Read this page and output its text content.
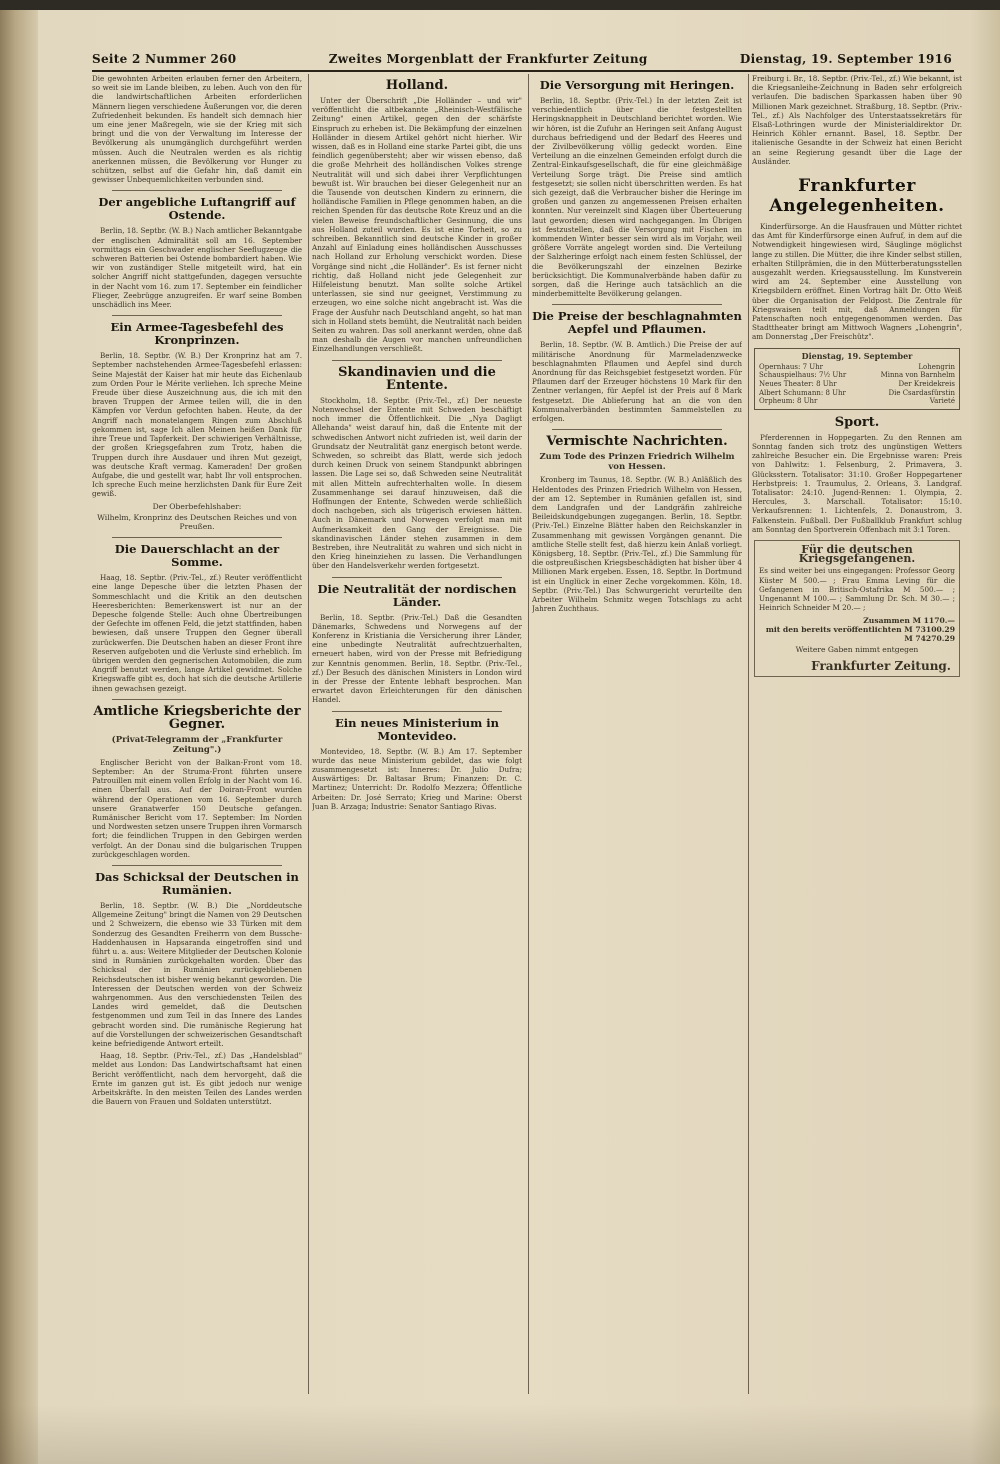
Seite 2 Nummer 260	Zweites Morgenblatt der Frankfurter Zeitung	Dienstag, 19. September 1916

Die gewohnten Arbeiten erlauben ferner den Arbeitern, so weit sie im Lande bleiben, zu leben. Auch von den für die landwirtschaftlichen Arbeiten erforderlichen Männern liegen verschiedene Äußerungen vor, die deren Zufriedenheit bekunden. Es handelt sich demnach hier um eine jener Maßregeln, wie sie der Krieg mit sich bringt und die von der Verwaltung im Interesse der Bevölkerung als unumgänglich durchgeführt werden müssen. Auch die Neutralen werden es als richtig anerkennen müssen, die Bevölkerung vor Hunger zu schützen, selbst auf die Gefahr hin, daß damit ein gewisser Unbequemlichkeiten verbunden sind.

Der angebliche Luftangriff auf Ostende.

Berlin, 18. Septbr. (W. B.) Nach amtlicher Bekanntgabe der englischen Admiralität soll am 16. September vormittags ein Geschwader englischer Seeflugzeuge die schweren Batterien bei Ostende bombardiert haben. Wie wir von zuständiger Stelle mitgeteilt wird, hat ein solcher Angriff nicht stattgefunden, dagegen versuchte in der Nacht vom 16. zum 17. September ein feindlicher Flieger, Zeebrügge anzugreifen. Er warf seine Bomben unschädlich ins Meer.

Ein Armee-Tagesbefehl des Kronprinzen.

Berlin, 18. Septbr. (W. B.) Der Kronprinz hat am 7. September nachstehenden Armee-Tagesbefehl erlassen: Seine Majestät der Kaiser hat mir heute das Eichenlaub zum Orden Pour le Mérite verliehen. Ich spreche Meine Freude über diese Auszeichnung aus, die ich mit den braven Truppen der Armee teilen will, die in den Kämpfen vor Verdun gefochten haben. Heute, da der Angriff nach monatelangem Ringen zum Abschluß gekommen ist, sage Ich allen Meinen heißen Dank für ihre Treue und Tapferkeit. Der schwierigen Verhältnisse, der großen Kriegsgefahren zum Trotz, haben die Truppen durch ihre Ausdauer und ihren Mut gezeigt, was deutsche Kraft vermag. Kameraden! Der großen Aufgabe, die und gestellt war, habt Ihr voll entsprochen. Ich spreche Euch meine herzlichsten Dank für Eure Zeit gewiß.

Der Oberbefehlshaber:
Wilhelm, Kronprinz des Deutschen Reiches und von Preußen.
Die Dauerschlacht an der Somme.

Haag, 18. Septbr. (Priv.-Tel., zf.) Reuter veröffentlicht eine lange Depesche über die letzten Phasen der Sommeschlacht und die Kritik an den deutschen Heeresberichten: Bemerkenswert ist nur an der Depesche folgende Stelle: Auch ohne Übertreibungen der Gefechte im offenen Feld, die jetzt stattfinden, haben bewiesen, daß unsere Truppen den Gegner überall zurückwerfen. Die Deutschen haben an dieser Front ihre Reserven aufgeboten und die Verluste sind erheblich. Im übrigen werden den gegnerischen Automobilen, die zum Angriff benutzt werden, lange Artikel gewidmet. Solche Kriegswaffe gibt es, doch hat sich die deutsche Artillerie ihnen gewachsen gezeigt.

Amtliche Kriegsberichte der Gegner.
(Privat-Telegramm der „Frankfurter Zeitung".)

Englischer Bericht von der Balkan-Front vom 18. September: An der Struma-Front führten unsere Patrouillen mit einem vollen Erfolg in der Nacht vom 16. einen Überfall aus. Auf der Doiran-Front wurden während der Operationen vom 16. September durch unsere Granatwerfer 150 Deutsche gefangen. Rumänischer Bericht vom 17. September: Im Norden und Nordwesten setzen unsere Truppen ihren Vormarsch fort; die feindlichen Truppen in den Gebirgen werden verfolgt. An der Donau sind die bulgarischen Truppen zurückgeschlagen worden.

Das Schicksal der Deutschen in Rumänien.

Berlin, 18. Septbr. (W. B.) Die „Norddeutsche Allgemeine Zeitung" bringt die Namen von 29 Deutschen und 2 Schweizern, die ebenso wie 33 Türken mit dem Sonderzug des Gesandten Freiherrn von dem Bussche-Haddenhausen in Hapsaranda eingetroffen sind und führt u. a. aus: Weitere Mitglieder der Deutschen Kolonie sind in Rumänien zurückgehalten worden. Über das Schicksal der in Rumänien zurückgebliebenen Reichsdeutschen ist bisher wenig bekannt geworden. Die Interessen der Deutschen werden von der Schweiz wahrgenommen. Aus den verschiedensten Teilen des Landes wird gemeldet, daß die Deutschen festgenommen und zum Teil in das Innere des Landes gebracht worden sind. Die rumänische Regierung hat auf die Vorstellungen der schweizerischen Gesandtschaft keine befriedigende Antwort erteilt.

Haag, 18. Septbr. (Priv.-Tel., zf.) Das „Handelsblad" meldet aus London: Das Landwirtschaftsamt hat einen Bericht veröffentlicht, nach dem hervorgeht, daß die Ernte im ganzen gut ist. Es gibt jedoch nur wenige Arbeitskräfte. In den meisten Teilen des Landes werden die Bauern von Frauen und Soldaten unterstützt.

Holland.

Unter der Überschrift „Die Holländer – und wir" veröffentlicht die altbekannte „Rheinisch-Westfälische Zeitung" einen Artikel, gegen den der schärfste Einspruch zu erheben ist. Die Bekämpfung der einzelnen Holländer in diesem Artikel gehört nicht hierher. Wir wissen, daß es in Holland eine starke Partei gibt, die uns feindlich gegenübersteht; aber wir wissen ebenso, daß die große Mehrheit des holländischen Volkes strenge Neutralität will und sich dabei ihrer Verpflichtungen bewußt ist. Wir brauchen bei dieser Gelegenheit nur an die Tausende von deutschen Kindern zu erinnern, die holländische Familien in Pflege genommen haben, an die reichen Spenden für das deutsche Rote Kreuz und an die vielen Beweise freundschaftlicher Gesinnung, die uns aus Holland zuteil wurden. Es ist eine Torheit, so zu schreiben. Bekanntlich sind deutsche Kinder in großer Anzahl auf Einladung eines holländischen Ausschusses nach Holland zur Erholung verschickt worden. Diese Vorgänge sind nicht „die Holländer". Es ist ferner nicht richtig, daß Holland nicht jede Gelegenheit zur Hilfeleistung benutzt. Man sollte solche Artikel unterlassen, sie sind nur geeignet, Verstimmung zu erzeugen, wo eine solche nicht angebracht ist. Was die Frage der Ausfuhr nach Deutschland angeht, so hat man sich in Holland stets bemüht, die Neutralität nach beiden Seiten zu wahren. Das soll anerkannt werden, ohne daß man deshalb die Augen vor manchen unfreundlichen Einzelhandlungen verschließt.

Skandinavien und die Entente.

Stockholm, 18. Septbr. (Priv.-Tel., zf.) Der neueste Notenwechsel der Entente mit Schweden beschäftigt noch immer die Öffentlichkeit. Die „Nya Dagligt Allehanda" weist darauf hin, daß die Entente mit der schwedischen Antwort nicht zufrieden ist, weil darin der Grundsatz der Neutralität ganz energisch betont werde. Schweden, so schreibt das Blatt, werde sich jedoch durch keinen Druck von seinem Standpunkt abbringen lassen. Die Lage sei so, daß Schweden seine Neutralität mit allen Mitteln aufrechterhalten wolle. In diesem Zusammenhange sei darauf hinzuweisen, daß die Hoffnungen der Entente, Schweden werde schließlich doch nachgeben, sich als trügerisch erwiesen hätten. Auch in Dänemark und Norwegen verfolgt man mit Aufmerksamkeit den Gang der Ereignisse. Die skandinavischen Länder stehen zusammen in dem Bestreben, ihre Neutralität zu wahren und sich nicht in den Krieg hineinziehen zu lassen. Die Verhandlungen über den Handelsverkehr werden fortgesetzt.

Die Neutralität der nordischen Länder.

Berlin, 18. Septbr. (Priv.-Tel.) Daß die Gesandten Dänemarks, Schwedens und Norwegens auf der Konferenz in Kristiania die Versicherung ihrer Länder, eine unbedingte Neutralität aufrechtzuerhalten, erneuert haben, wird von der Presse mit Befriedigung zur Kenntnis genommen. Berlin, 18. Septbr. (Priv.-Tel., zf.) Der Besuch des dänischen Ministers in London wird in der Presse der Entente lebhaft besprochen. Man erwartet davon Erleichterungen für den dänischen Handel.

Ein neues Ministerium in Montevideo.

Montevideo, 18. Septbr. (W. B.) Am 17. September wurde das neue Ministerium gebildet, das wie folgt zusammengesetzt ist: Inneres: Dr. Julio Dufra; Auswärtiges: Dr. Baltasar Brum; Finanzen: Dr. C. Martinez; Unterricht: Dr. Rodolfo Mezzera; Öffentliche Arbeiten: Dr. José Serrato; Krieg und Marine: Oberst Juan B. Arzaga; Industrie: Senator Santiago Rivas.

Die Versorgung mit Heringen.

Berlin, 18. Septbr. (Priv.-Tel.) In der letzten Zeit ist verschiedentlich über die festgestellten Heringsknappheit in Deutschland berichtet worden. Wie wir hören, ist die Zufuhr an Heringen seit Anfang August durchaus befriedigend und der Bedarf des Heeres und der Zivilbevölkerung völlig gedeckt worden. Eine Verteilung an die einzelnen Gemeinden erfolgt durch die Zentral-Einkaufsgesellschaft, die für eine gleichmäßige Verteilung Sorge trägt. Die Preise sind amtlich festgesetzt; sie sollen nicht überschritten werden. Es hat sich gezeigt, daß die Verbraucher bisher die Heringe im großen und ganzen zu angemessenen Preisen erhalten konnten. Nur vereinzelt sind Klagen über Überteuerung laut geworden; diesen wird nachgegangen. Im Übrigen ist festzustellen, daß die Versorgung mit Fischen im kommenden Winter besser sein wird als im Vorjahr, weil größere Vorräte angelegt worden sind. Die Verteilung der Salzheringe erfolgt nach einem festen Schlüssel, der die Bevölkerungszahl der einzelnen Bezirke berücksichtigt. Die Kommunalverbände haben dafür zu sorgen, daß die Heringe auch tatsächlich an die minderbemittelte Bevölkerung gelangen.

Die Preise der beschlagnahmten Aepfel und Pflaumen.

Berlin, 18. Septbr. (W. B. Amtlich.) Die Preise der auf militärische Anordnung für Marmeladenzwecke beschlagnahmten Pflaumen und Aepfel sind durch Anordnung für das Reichsgebiet festgesetzt worden. Für Pflaumen darf der Erzeuger höchstens 10 Mark für den Zentner verlangen, für Aepfel ist der Preis auf 8 Mark festgesetzt. Die Ablieferung hat an die von den Kommunalverbänden bestimmten Sammelstellen zu erfolgen.

Vermischte Nachrichten.
Zum Tode des Prinzen Friedrich Wilhelm von Hessen.

Kronberg im Taunus, 18. Septbr. (W. B.) Anläßlich des Heldentodes des Prinzen Friedrich Wilhelm von Hessen, der am 12. September in Rumänien gefallen ist, sind dem Landgrafen und der Landgräfin zahlreiche Beileidskundgebungen zugegangen. Berlin, 18. Septbr. (Priv.-Tel.) Einzelne Blätter haben den Reichskanzler in Zusammenhang mit gewissen Vorgängen genannt. Die amtliche Stelle stellt fest, daß hierzu kein Anlaß vorliegt. Königsberg, 18. Septbr. (Priv.-Tel., zf.) Die Sammlung für die ostpreußischen Kriegsbeschädigten hat bisher über 4 Millionen Mark ergeben. Essen, 18. Septbr. In Dortmund ist ein Unglück in einer Zeche vorgekommen. Köln, 18. Septbr. (Priv.-Tel.) Das Schwurgericht verurteilte den Arbeiter Wilhelm Schmitz wegen Totschlags zu acht Jahren Zuchthaus.

Freiburg i. Br., 18. Septbr. (Priv.-Tel., zf.) Wie bekannt, ist die Kriegsanleihe-Zeichnung in Baden sehr erfolgreich verlaufen. Die badischen Sparkassen haben über 90 Millionen Mark gezeichnet. Straßburg, 18. Septbr. (Priv.-Tel., zf.) Als Nachfolger des Unterstaatssekretärs für Elsaß-Lothringen wurde der Ministerialdirektor Dr. Heinrich Köhler ernannt. Basel, 18. Septbr. Der italienische Gesandte in der Schweiz hat einen Bericht an seine Regierung gesandt über die Lage der Ausländer.

Frankfurter Angelegenheiten.

Kinderfürsorge. An die Hausfrauen und Mütter richtet das Amt für Kinderfürsorge einen Aufruf, in dem auf die Notwendigkeit hingewiesen wird, Säuglinge möglichst lange zu stillen. Die Mütter, die ihre Kinder selbst stillen, erhalten Stillprämien, die in den Mütterberatungsstellen ausgezahlt werden. Kriegsausstellung. Im Kunstverein wird am 24. September eine Ausstellung von Kriegsbildern eröffnet. Einen Vortrag hält Dr. Otto Weiß über die Organisation der Feldpost. Die Zentrale für Kriegswaisen teilt mit, daß Anmeldungen für Patenschaften noch entgegengenommen werden. Das Stadttheater bringt am Mittwoch Wagners „Lohengrin", am Donnerstag „Der Freischütz".

Dienstag, 19. September
Opernhaus: 7 Uhr	Lohengrin
Schauspielhaus: 7½ Uhr	Minna von Barnhelm
Neues Theater: 8 Uhr	Der Kreidekreis
Albert Schumann: 8 Uhr	Die Csardasfürstin
Orpheum: 8 Uhr	Varieté
Sport.

Pferderennen in Hoppegarten. Zu den Rennen am Sonntag fanden sich trotz des ungünstigen Wetters zahlreiche Besucher ein. Die Ergebnisse waren: Preis von Dahlwitz: 1. Felsenburg, 2. Primavera, 3. Glücksstern. Totalisator: 31:10. Großer Hoppegartener Herbstpreis: 1. Traumulus, 2. Orleans, 3. Landgraf. Totalisator: 24:10. Jugend-Rennen: 1. Olympia, 2. Hercules, 3. Marschall. Totalisator: 15:10. Verkaufsrennen: 1. Lichtenfels, 2. Donaustrom, 3. Falkenstein. Fußball. Der Fußballklub Frankfurt schlug am Sonntag den Sportverein Offenbach mit 3:1 Toren.

Für die deutschen Kriegsgefangenen.

Es sind weiter bei uns eingegangen: Professor Georg Küster M 500.— ; Frau Emma Leving für die Gefangenen in Britisch-Ostafrika M 500.— ; Ungenannt M 100.— ; Sammlung Dr. Sch. M 30.— ; Heinrich Schneider M 20.— ;

Zusammen M 1170.—
mit den bereits veröffentlichten M 73100.29
M 74270.29
Weitere Gaben nimmt entgegen
Frankfurter Zeitung.
